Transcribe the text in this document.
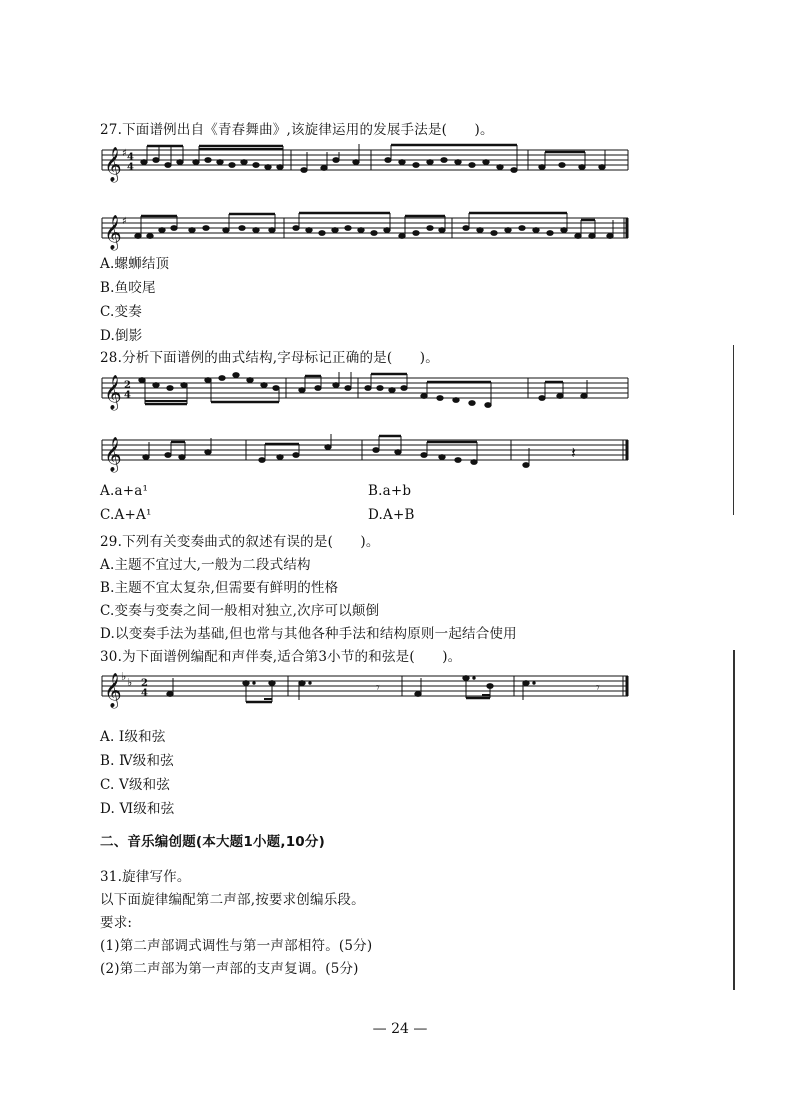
27.下面谱例出自《青春舞曲》,该旋律运用的发展手法是(　　)。
𝄞 ♯ 4
4
𝄞 ♯
A.螺蛳结顶
B.鱼咬尾
C.变奏
D.倒影
28.分析下面谱例的曲式结构,字母标记正确的是(　　)。
𝄞 2
4
𝄞	𝄽
A.a+a¹	B.a+b
C.A+A¹	D.A+B
29.下列有关变奏曲式的叙述有误的是(　　)。
A.主题不宜过大,一般为二段式结构
B.主题不宜太复杂,但需要有鲜明的性格
C.变奏与变奏之间一般相对独立,次序可以颠倒
D.以变奏手法为基础,但也常与其他各种手法和结构原则一起结合使用
30.为下面谱例编配和声伴奏,适合第3小节的和弦是(　　)。
𝄞 ♭ ♭ 2
4	𝄾	𝄾
A. Ⅰ级和弦
B. Ⅳ级和弦
C. Ⅴ级和弦
D. Ⅵ级和弦
二、音乐编创题(本大题1小题,10分)
31.旋律写作。
以下面旋律编配第二声部,按要求创编乐段。
要求:
(1)第二声部调式调性与第一声部相符。(5分)
(2)第二声部为第一声部的支声复调。(5分)
— 24 —
